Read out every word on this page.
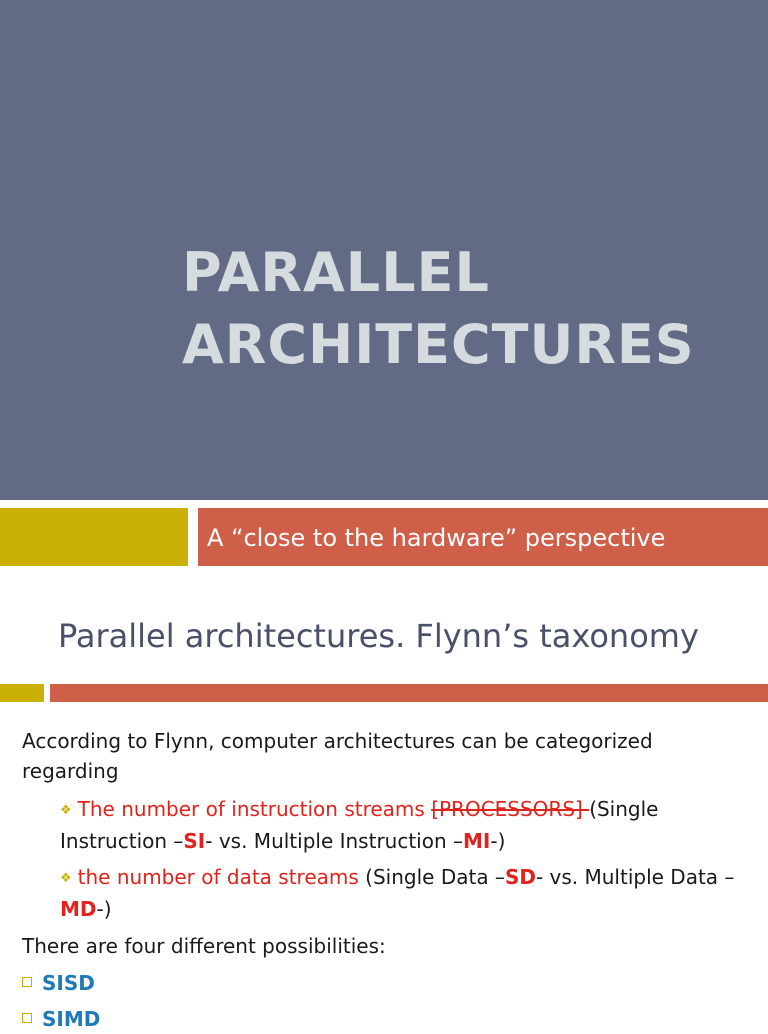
PARALLEL
ARCHITECTURES
A “close to the hardware” perspective
Parallel architectures. Flynn’s taxonomy
According to Flynn, computer architectures can be categorized regarding
❖ The number of instruction streams [PROCESSORS] (Single Instruction –SI- vs. Multiple Instruction –MI-)
❖ the number of data streams (Single Data –SD- vs. Multiple Data –MD-)
There are four different possibilities:
SISD
SIMD
